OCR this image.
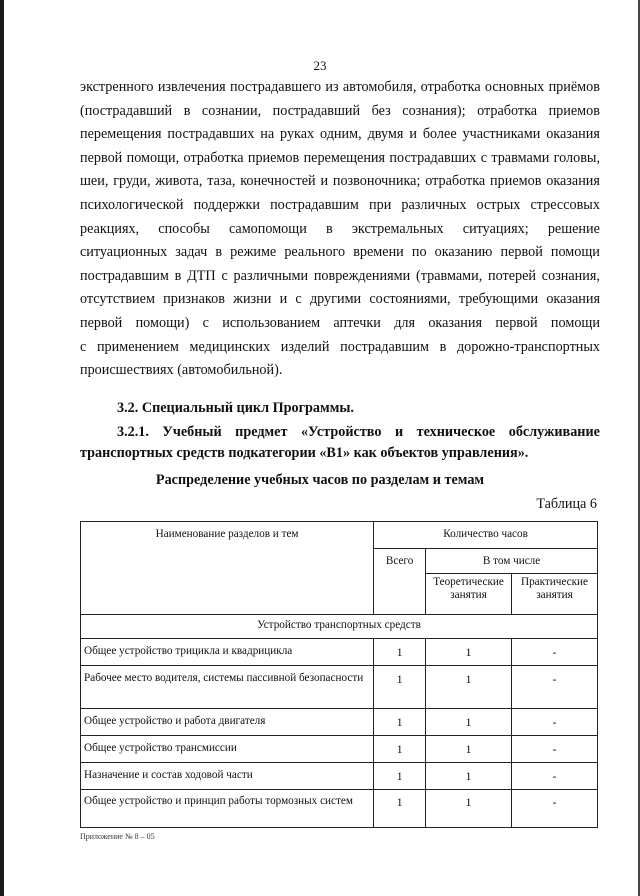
23
экстренного извлечения пострадавшего из автомобиля, отработка основных приёмов
(пострадавший в сознании, пострадавший без сознания); отработка приемов
перемещения пострадавших на руках одним, двумя и более участниками оказания
первой помощи, отработка приемов перемещения пострадавших с травмами головы,
шеи, груди, живота, таза, конечностей и позвоночника; отработка приемов оказания
психологической поддержки пострадавшим при различных острых стрессовых
реакциях, способы самопомощи в экстремальных ситуациях; решение
ситуационных задач в режиме реального времени по оказанию первой помощи
пострадавшим в ДТП с различными повреждениями (травмами, потерей сознания,
отсутствием признаков жизни и с другими состояниями, требующими оказания
первой помощи) с использованием аптечки для оказания первой помощи
с применением медицинских изделий пострадавшим в дорожно-транспортных
происшествиях (автомобильной).
3.2. Специальный цикл Программы.
3.2.1. Учебный предмет «Устройство и техническое обслуживание
транспортных средств подкатегории «В1» как объектов управления».
Распределение учебных часов по разделам и темам
Таблица 6
Наименование разделов и тем	Количество часов		
	Всего	В том числе	
		Теоретические занятия	Практические занятия
Устройство транспортных средств			
Общее устройство трицикла и квадрицикла	1	1	-
Рабочее место водителя, системы пассивной безопасности	1	1	-
Общее устройство и работа двигателя	1	1	-
Общее устройство трансмиссии	1	1	-
Назначение и состав ходовой части	1	1	-
Общее устройство и принцип работы тормозных систем	1	1	-
Приложение № 8 – 05
